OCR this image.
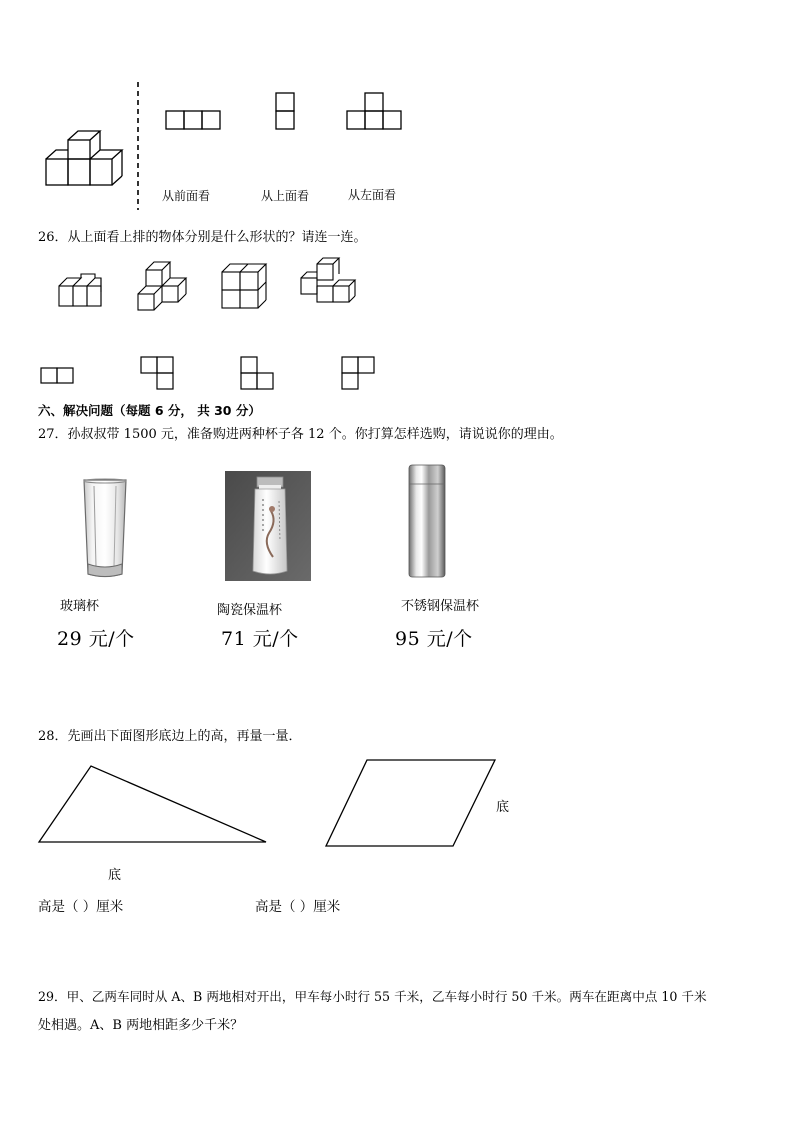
从前面看	从上面看	从左面看
26．从上面看上排的物体分别是什么形状的？请连一连。
六、解决问题（每题 6 分， 共 30 分）
27．孙叔叔带 1500 元，准备购进两种杯子各 12 个。你打算怎样选购，请说说你的理由。
玻璃杯
29 元/个
陶瓷保温杯
71 元/个
不锈钢保温杯
95 元/个
28．先画出下面图形底边上的高，再量一量．
底
底
高是（ ）厘米	高是（ ）厘米
29．甲、乙两车同时从 A、B 两地相对开出，甲车每小时行 55 千米，乙车每小时行 50 千米。两车在距离中点 10 千米
处相遇。A、B 两地相距多少千米？
